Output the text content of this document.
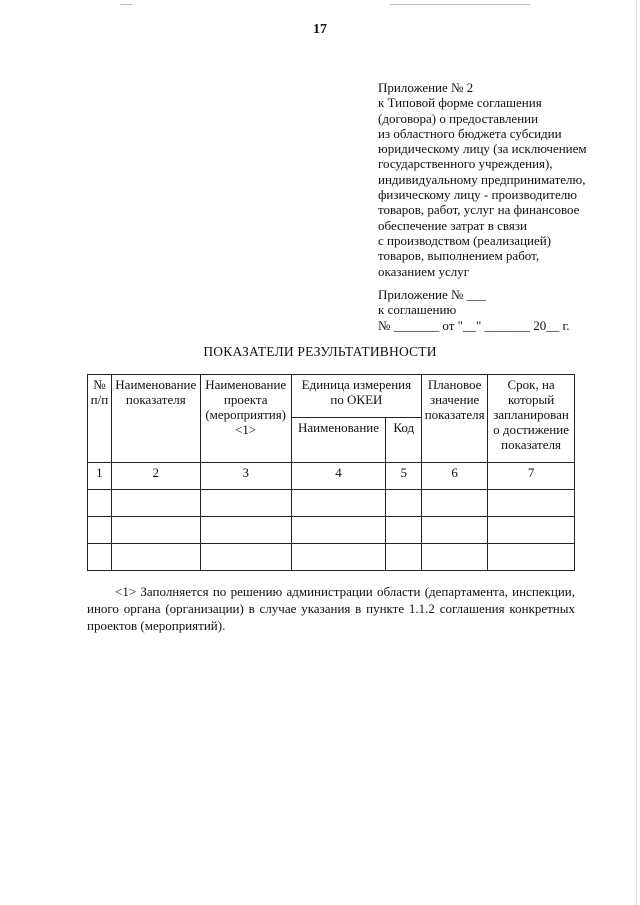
17
Приложение № 2
к Типовой форме соглашения
(договора) о предоставлении
из областного бюджета субсидии
юридическому лицу (за исключением
государственного учреждения),
индивидуальному предпринимателю,
физическому лицу - производителю
товаров, работ, услуг на финансовое
обеспечение затрат в связи
с производством (реализацией)
товаров, выполнением работ,
оказанием услуг
Приложение № ___
к соглашению
№ _______ от "__" _______ 20__ г.
ПОКАЗАТЕЛИ РЕЗУЛЬТАТИВНОСТИ
№ п/п	Наименование показателя	Наименование проекта (мероприятия) <1>	Единица измерения по ОКЕИ		Плановое значение показателя	Срок, на который запланирован о достижение показателя
			Наименование	Код		
1	2	3	4	5	6	7

<1> Заполняется по решению администрации области (департамента, инспекции, иного органа (организации) в случае указания в пункте 1.1.2 соглашения конкретных проектов (мероприятий).
